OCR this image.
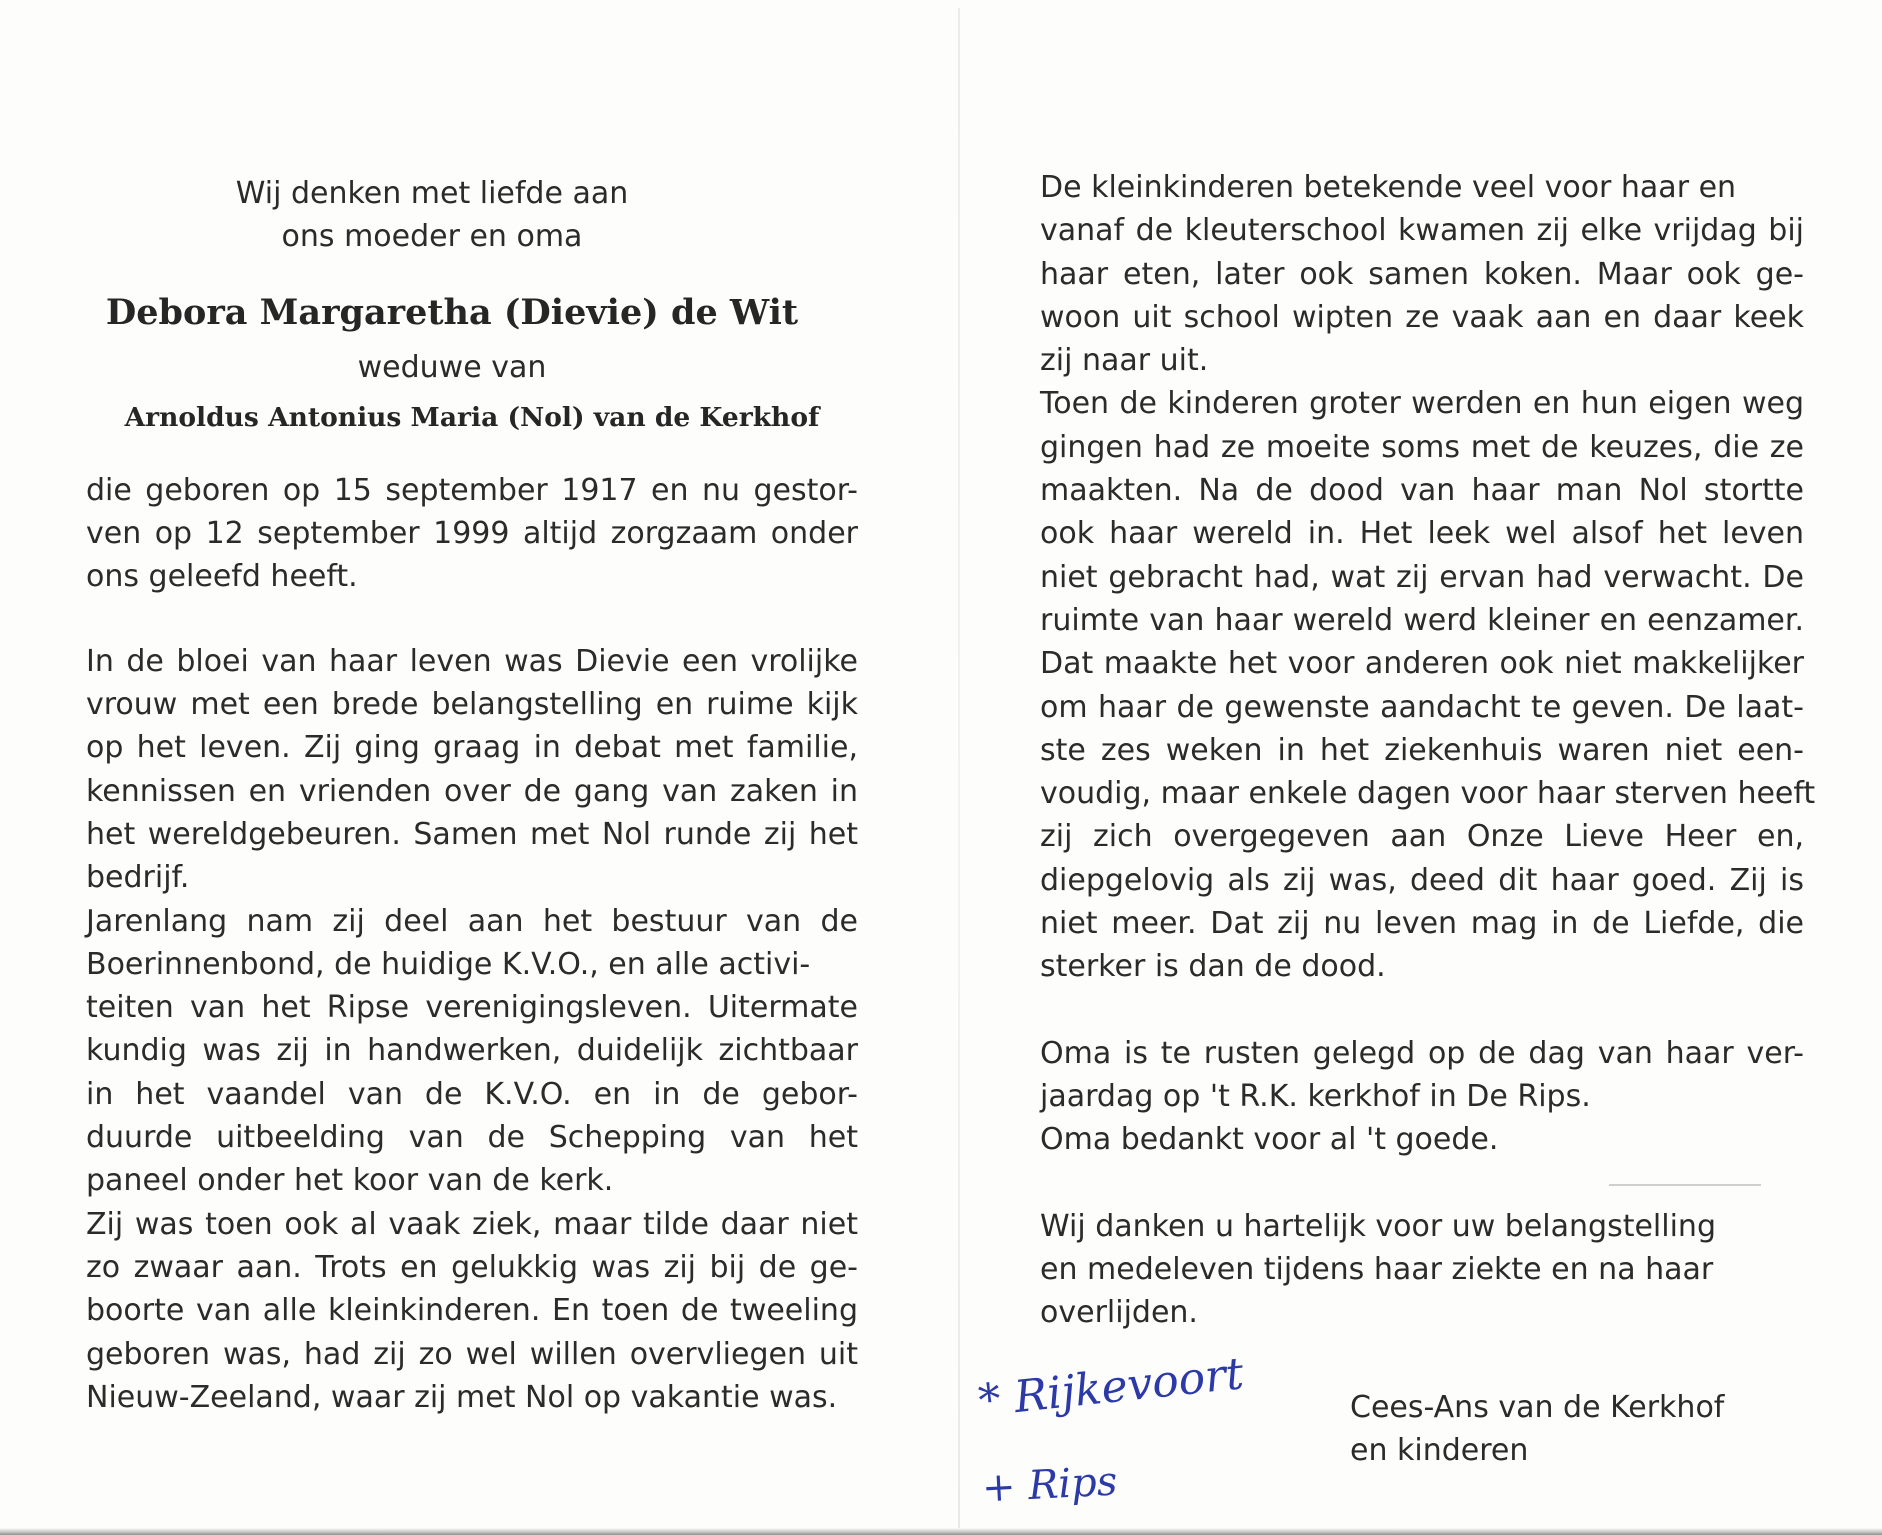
Wij denken met liefde aan
ons moeder en oma
Debora Margaretha (Dievie) de Wit
weduwe van
Arnoldus Antonius Maria (Nol) van de Kerkhof
die geboren op 15 september 1917 en nu gestor-
ven op 12 september 1999 altijd zorgzaam onder
ons geleefd heeft.
In de bloei van haar leven was Dievie een vrolijke
vrouw met een brede belangstelling en ruime kijk
op het leven. Zij ging graag in debat met familie,
kennissen en vrienden over de gang van zaken in
het wereldgebeuren. Samen met Nol runde zij het
bedrijf.
Jarenlang nam zij deel aan het bestuur van de
Boerinnenbond, de huidige K.V.O., en alle activi-
teiten van het Ripse verenigingsleven. Uitermate
kundig was zij in handwerken, duidelijk zichtbaar
in het vaandel van de K.V.O. en in de gebor-
duurde uitbeelding van de Schepping van het
paneel onder het koor van de kerk.
Zij was toen ook al vaak ziek, maar tilde daar niet
zo zwaar aan. Trots en gelukkig was zij bij de ge-
boorte van alle kleinkinderen. En toen de tweeling
geboren was, had zij zo wel willen overvliegen uit
Nieuw-Zeeland, waar zij met Nol op vakantie was.
De kleinkinderen betekende veel voor haar en
vanaf de kleuterschool kwamen zij elke vrijdag bij
haar eten, later ook samen koken. Maar ook ge-
woon uit school wipten ze vaak aan en daar keek
zij naar uit.
Toen de kinderen groter werden en hun eigen weg
gingen had ze moeite soms met de keuzes, die ze
maakten. Na de dood van haar man Nol stortte
ook haar wereld in. Het leek wel alsof het leven
niet gebracht had, wat zij ervan had verwacht. De
ruimte van haar wereld werd kleiner en eenzamer.
Dat maakte het voor anderen ook niet makkelijker
om haar de gewenste aandacht te geven. De laat-
ste zes weken in het ziekenhuis waren niet een-
voudig, maar enkele dagen voor haar sterven heeft
zij zich overgegeven aan Onze Lieve Heer en,
diepgelovig als zij was, deed dit haar goed. Zij is
niet meer. Dat zij nu leven mag in de Liefde, die
sterker is dan de dood.
Oma is te rusten gelegd op de dag van haar ver-
jaardag op 't R.K. kerkhof in De Rips.
Oma bedankt voor al 't goede.
Wij danken u hartelijk voor uw belangstelling
en medeleven tijdens haar ziekte en na haar
overlijden.
Cees-Ans van de Kerkhof
en kinderen
* Rijkevoort
+ Rips
